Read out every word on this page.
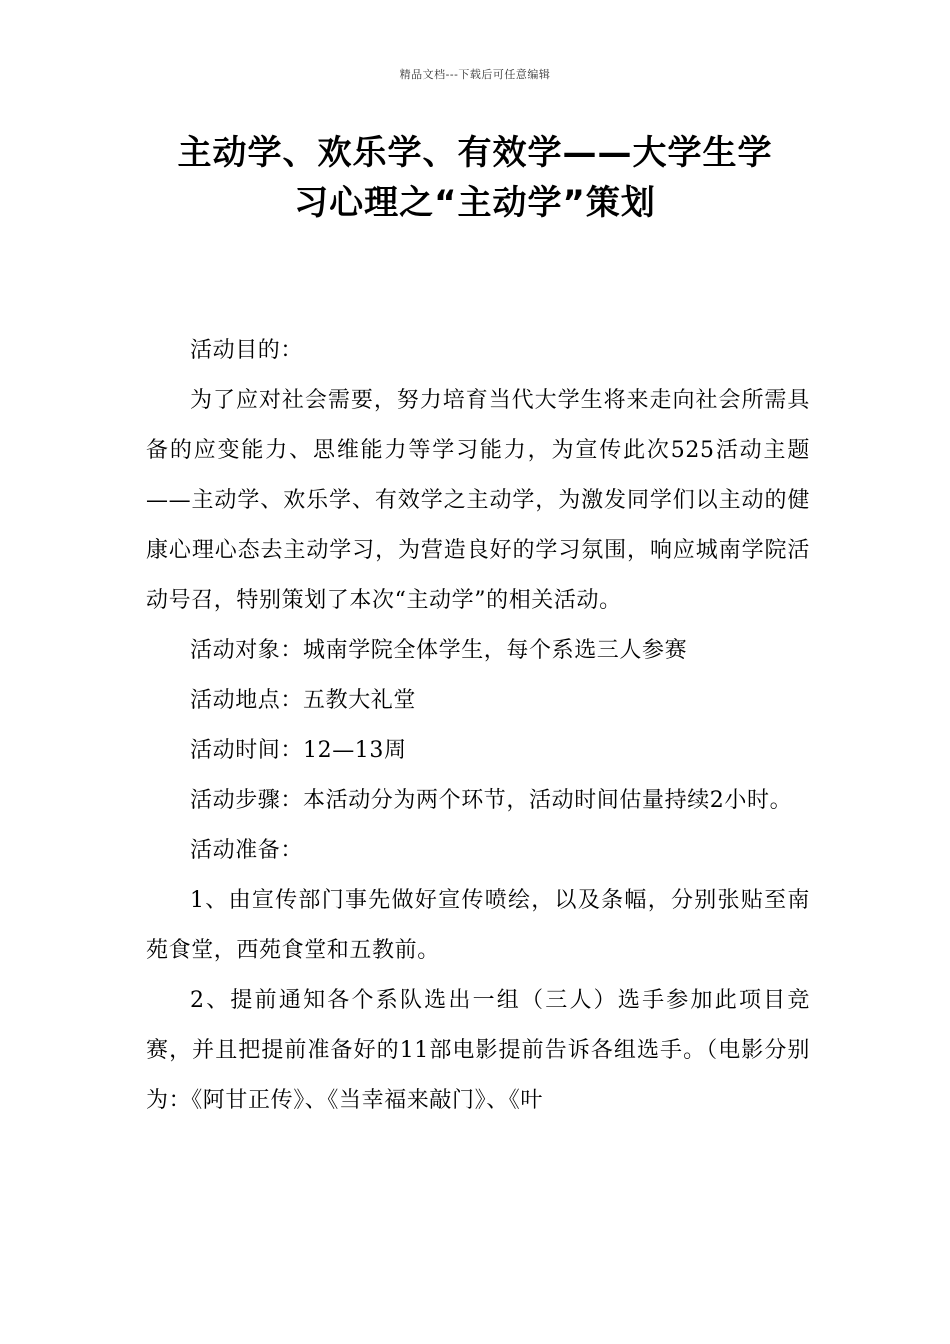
精品文档---下载后可任意编辑
主动学、欢乐学、有效学——大学生学
习心理之“主动学”策划

活动目的：

为了应对社会需要，努力培育当代大学生将来走向社会所需具备的应变能力、思维能力等学习能力，为宣传此次525活动主题——主动学、欢乐学、有效学之主动学，为激发同学们以主动的健康心理心态去主动学习，为营造良好的学习氛围，响应城南学院活动号召，特别策划了本次“主动学”的相关活动。

活动对象：城南学院全体学生，每个系选三人参赛

活动地点：五教大礼堂

活动时间：12—13周

活动步骤：本活动分为两个环节，活动时间估量持续2小时。

活动准备：

1、由宣传部门事先做好宣传喷绘，以及条幅，分别张贴至南苑食堂，西苑食堂和五教前。

2、提前通知各个系队选出一组（三人）选手参加此项目竞赛，并且把提前准备好的11部电影提前告诉各组选手。（电影分别为：《阿甘正传》、《当幸福来敲门》、《叶
